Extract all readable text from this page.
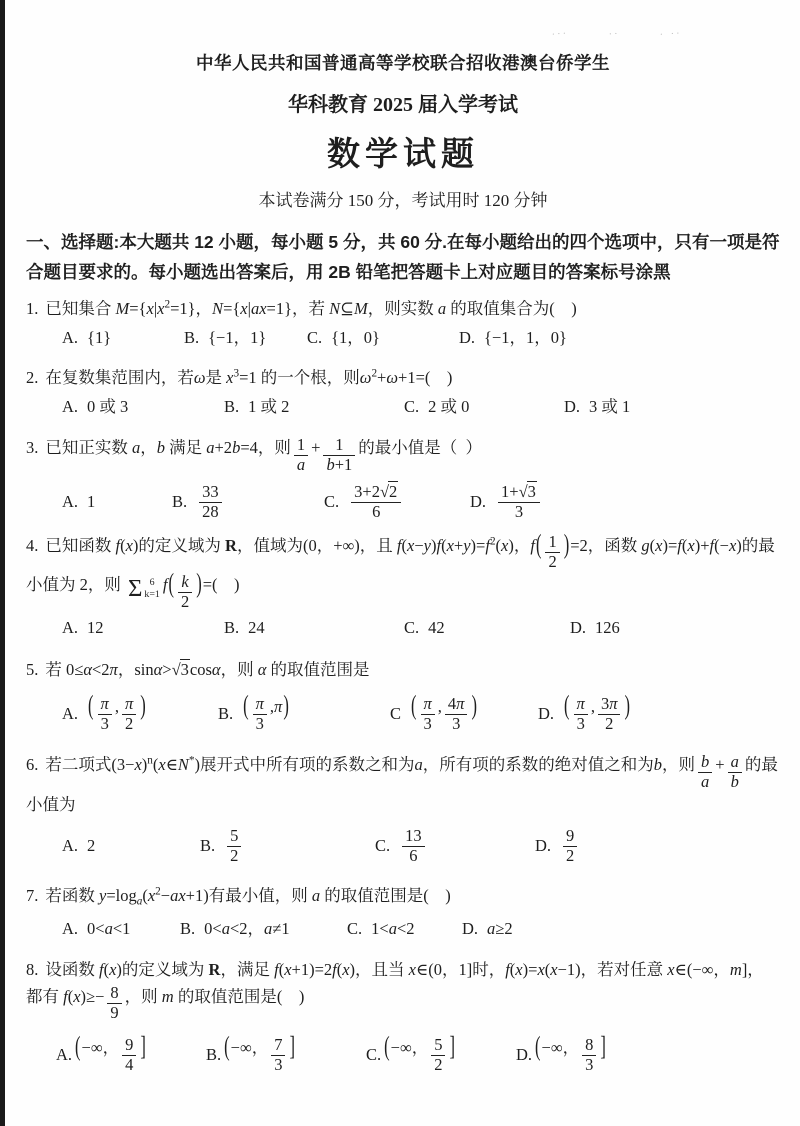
...	..	. ..

中华人民共和国普通高等学校联合招收港澳台侨学生

华科教育 2025 届入学考试

数学试题

本试卷满分 150 分，考试用时 120 分钟

一、选择题:本大题共 12 小题，每小题 5 分，共 60 分.在每小题给出的四个选项中，只有一项是符合题目要求的。每小题选出答案后，用 2B 铅笔把答题卡上对应题目的答案标号涂黑

1. 已知集合 $M=\{x|x^2=1\}$，N={x|ax=1}，若 N⊆M，则实数 a 的取值集合为(    )
A. {1}	B. {−1，1} C. {1，0}	D. {−1，1，0}
2. 在复数集范围内，若ω是 $x^3=1$ 的一个根，则$\omega^2+\omega+1=$(    )
A. 0 或 3	B. 1 或 2	C. 2 或 0	D. 3 或 1
3. 已知正实数 a，b 满足 a+2b=4，则 $\frac{1}{a} + \frac{1}{b+1}$ 的最小值是（  ）
A. 1	B. $\frac{33}{28}$	C. $\frac{3+2√2}{6}$	D. $\frac{1+√3}{3}$
4. 已知函数 f(x)的定义域为 R，值域为(0，+∞)，且 $f(x-y)f(x+y)=f^2(x)$，$f( \frac{1}{2} )=2$，函数 g(x)=f(x)+f(−x)的最小值为 2，则 Σ 6
k=1
$f( \frac{k}{2}$ )=(    )
A. 12	B. 24	C. 42	D. 126
5. 若 0≤α<2π，sinα>√3cosα，则 α 的取值范围是
A. ( $\frac{\pi}{3}$ , $\frac{\pi}{2}$ )	B. ( $\frac{\pi}{3} ,\pi$)	C ( $\frac{\pi}{3}$ , $\frac{4\pi}{3}$ )	D. ( $\frac{\pi}{3}$ , $\frac{3\pi}{2}$ )
6. 若二项式$(3-x)^n(x\in N^*)$展开式中所有项的系数之和为a，所有项的系数的绝对值之和为b，则 $\frac{b}{a} + \frac{a}{b}$ 的最小值为
A. 2	B. $\frac{5}{2}$	C. $\frac{13}{6}$	D. $\frac{9}{2}$
7. 若函数 $y=\log_a(x^2-ax+1)$有最小值，则 a 的取值范围是(    )
A. 0<a<1	B. 0<a<2，a≠1	C. 1<a<2	D. a≥2
8. 设函数 f(x)的定义域为 R，满足 f(x+1)=2f(x)，且当 x∈(0，1]时，f(x)=x(x−1)，若对任意 x∈(−∞，m]，都有 $f(x)\ge- \frac{8}{9}$ ，则 m 的取值范围是(    )
A. (−∞， $\frac{9}{4}$ ]	B. (−∞， $\frac{7}{3}$ ]	C. (−∞， $\frac{5}{2}$ ]	D. (−∞， $\frac{8}{3}$ ]
